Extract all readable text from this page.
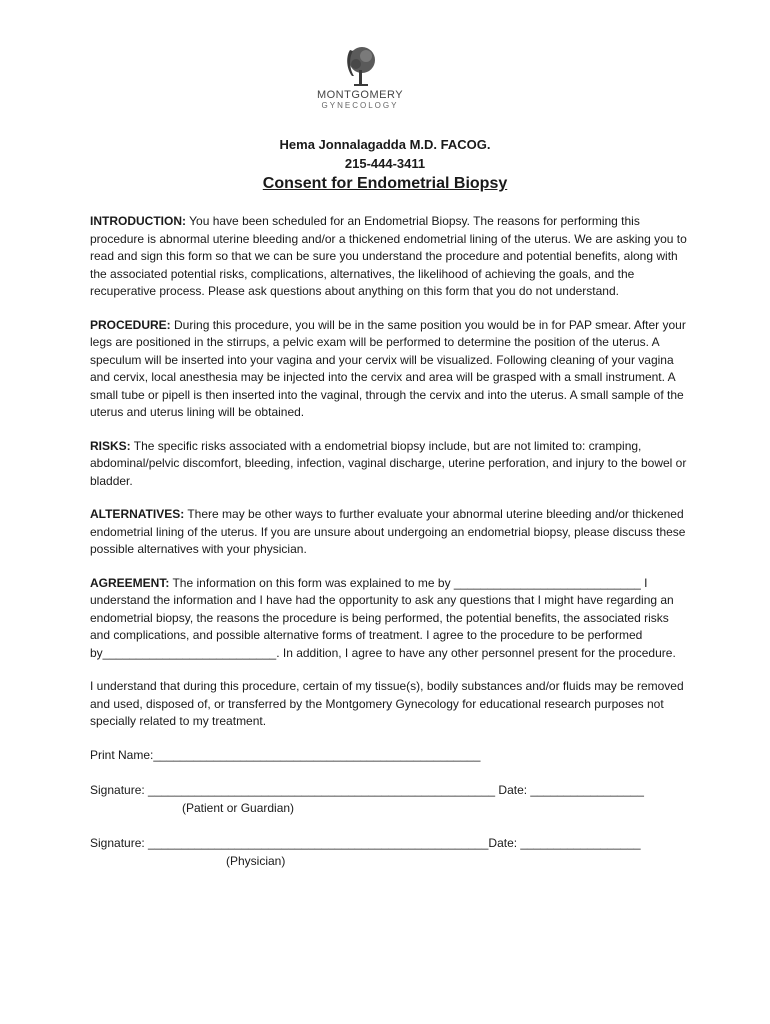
MONTGOMERY
GYNECOLOGY
Hema Jonnalagadda M.D. FACOG.
215-444-3411
Consent for Endometrial Biopsy

INTRODUCTION: You have been scheduled for an Endometrial Biopsy. The reasons for performing this procedure is abnormal uterine bleeding and/or a thickened endometrial lining of the uterus. We are asking you to read and sign this form so that we can be sure you understand the procedure and potential benefits, along with the associated potential risks, complications, alternatives, the likelihood of achieving the goals, and the recuperative process. Please ask questions about anything on this form that you do not understand.

PROCEDURE: During this procedure, you will be in the same position you would be in for PAP smear. After your legs are positioned in the stirrups, a pelvic exam will be performed to determine the position of the uterus. A speculum will be inserted into your vagina and your cervix will be visualized. Following cleaning of your vagina and cervix, local anesthesia may be injected into the cervix and area will be grasped with a small instrument. A small tube or pipell is then inserted into the vaginal, through the cervix and into the uterus. A small sample of the uterus and uterus lining will be obtained.

RISKS: The specific risks associated with a endometrial biopsy include, but are not limited to: cramping, abdominal/pelvic discomfort, bleeding, infection, vaginal discharge, uterine perforation, and injury to the bowel or bladder.

ALTERNATIVES: There may be other ways to further evaluate your abnormal uterine bleeding and/or thickened endometrial lining of the uterus. If you are unsure about undergoing an endometrial biopsy, please discuss these possible alternatives with your physician.

AGREEMENT: The information on this form was explained to me by ____________________________ I understand the information and I have had the opportunity to ask any questions that I might have regarding an endometrial biopsy, the reasons the procedure is being performed, the potential benefits, the associated risks and complications, and possible alternative forms of treatment. I agree to the procedure to be performed by__________________________. In addition, I agree to have any other personnel present for the procedure.

I understand that during this procedure, certain of my tissue(s), bodily substances and/or fluids may be removed and used, disposed of, or transferred by the Montgomery Gynecology for educational research purposes not specially related to my treatment.

Print Name:_________________________________________________

Signature: ____________________________________________________ Date: _________________

(Patient or Guardian)

Signature: ___________________________________________________Date: __________________

(Physician)
